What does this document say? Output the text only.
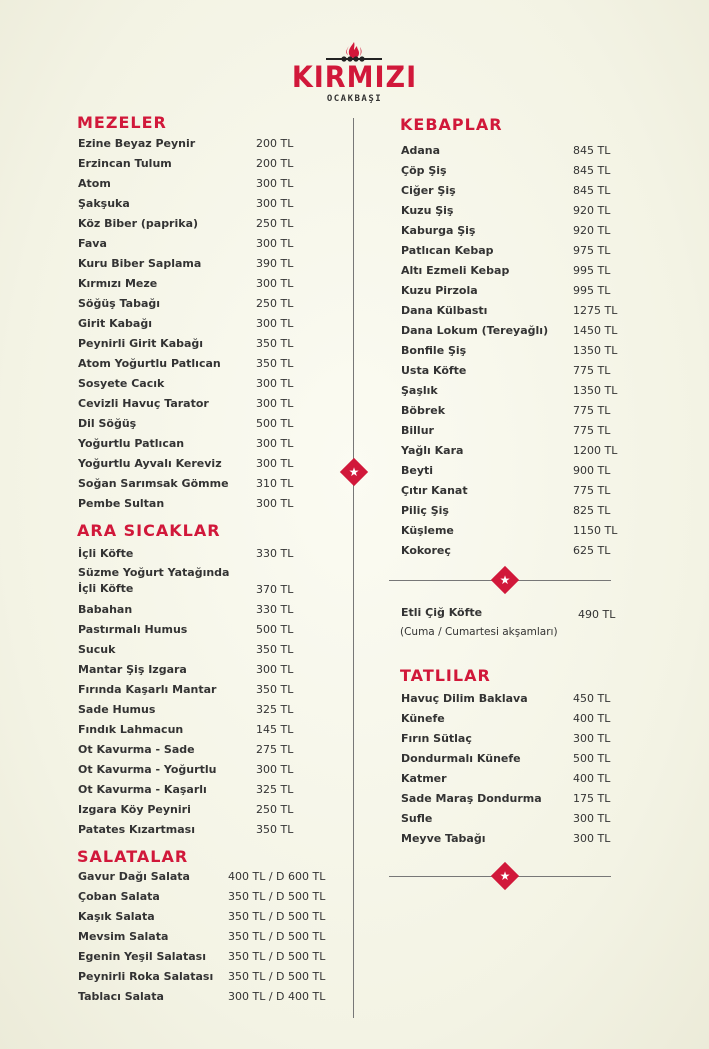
KIRMIZI
OCAKBAŞI
★
MEZELER
Ezine Beyaz Peynir	200 TL
Erzincan Tulum	200 TL
Atom	300 TL
Şakşuka	300 TL
Köz Biber (paprika)	250 TL
Fava	300 TL
Kuru Biber Saplama	390 TL
Kırmızı Meze	300 TL
Söğüş Tabağı	250 TL
Girit Kabağı	300 TL
Peynirli Girit Kabağı	350 TL
Atom Yoğurtlu Patlıcan	350 TL
Sosyete Cacık	300 TL
Cevizli Havuç Tarator	300 TL
Dil Söğüş	500 TL
Yoğurtlu Patlıcan	300 TL
Yoğurtlu Ayvalı Kereviz	300 TL
Soğan Sarımsak Gömme 310 TL
Pembe Sultan	300 TL
ARA SICAKLAR
İçli Köfte	330 TL
Süzme Yoğurt Yatağında
İçli Köfte	370 TL
Babahan	330 TL
Pastırmalı Humus	500 TL
Sucuk	350 TL
Mantar Şiş Izgara	300 TL
Fırında Kaşarlı Mantar	350 TL
Sade Humus	325 TL
Fındık Lahmacun	145 TL
Ot Kavurma - Sade	275 TL
Ot Kavurma - Yoğurtlu	300 TL
Ot Kavurma - Kaşarlı	325 TL
Izgara Köy Peyniri	250 TL
Patates Kızartması	350 TL
SALATALAR
Gavur Dağı Salata	400 TL / D 600 TL
Çoban Salata	350 TL / D 500 TL
Kaşık Salata	350 TL / D 500 TL
Mevsim Salata	350 TL / D 500 TL
Egenin Yeşil Salatası 350 TL / D 500 TL
Peynirli Roka Salatası 350 TL / D 500 TL
Tablacı Salata	300 TL / D 400 TL
KEBAPLAR
Adana	845 TL
Çöp Şiş	845 TL
Ciğer Şiş	845 TL
Kuzu Şiş	920 TL
Kaburga Şiş	920 TL
Patlıcan Kebap	975 TL
Altı Ezmeli Kebap	995 TL
Kuzu Pirzola	995 TL
Dana Külbastı	1275 TL
Dana Lokum (Tereyağlı) 1450 TL
Bonfile Şiş	1350 TL
Usta Köfte	775 TL
Şaşlık	1350 TL
Böbrek	775 TL
Billur	775 TL
Yağlı Kara	1200 TL
Beyti	900 TL
Çıtır Kanat	775 TL
Piliç Şiş	825 TL
Küşleme	1150 TL
Kokoreç	625 TL
★
Etli Çiğ Köfte	490 TL
(Cuma / Cumartesi akşamları)
TATLILAR
Havuç Dilim Baklava	450 TL
Künefe	400 TL
Fırın Sütlaç	300 TL
Dondurmalı Künefe	500 TL
Katmer	400 TL
Sade Maraş Dondurma	175 TL
Sufle	300 TL
Meyve Tabağı	300 TL
★
